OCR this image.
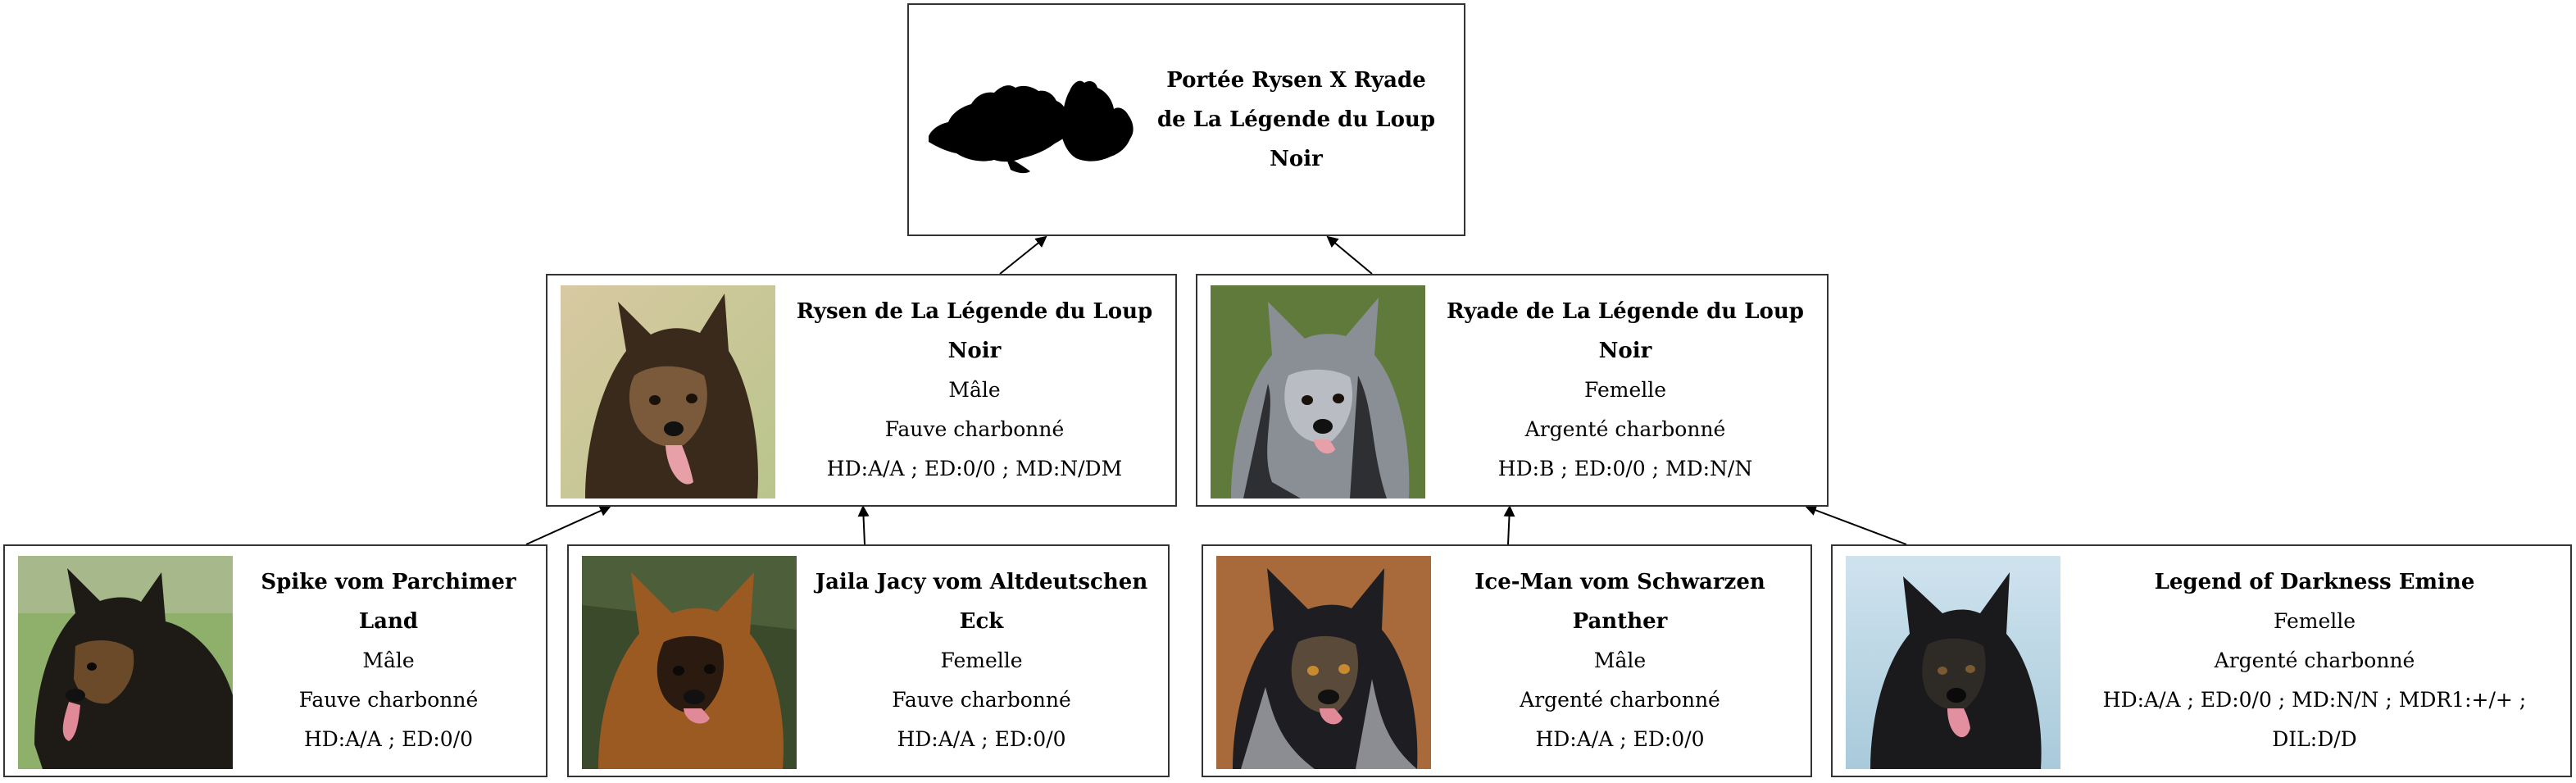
Portée Rysen X Ryade
de La Légende du Loup Noir
Rysen de La Légende du Loup Noir
Mâle
Fauve charbonné
HD:A/A ; ED:0/0 ; MD:N/DM
Ryade de La Légende du Loup Noir
Femelle
Argenté charbonné
HD:B ; ED:0/0 ; MD:N/N
Spike vom Parchimer Land
Mâle
Fauve charbonné
HD:A/A ; ED:0/0
Jaila Jacy vom Altdeutschen Eck
Femelle
Fauve charbonné
HD:A/A ; ED:0/0
Ice-Man vom Schwarzen Panther
Mâle
Argenté charbonné
HD:A/A ; ED:0/0
Legend of Darkness Emine
Femelle
Argenté charbonné
HD:A/A ; ED:0/0 ; MD:N/N ; MDR1:+/+ ; DIL:D/D
